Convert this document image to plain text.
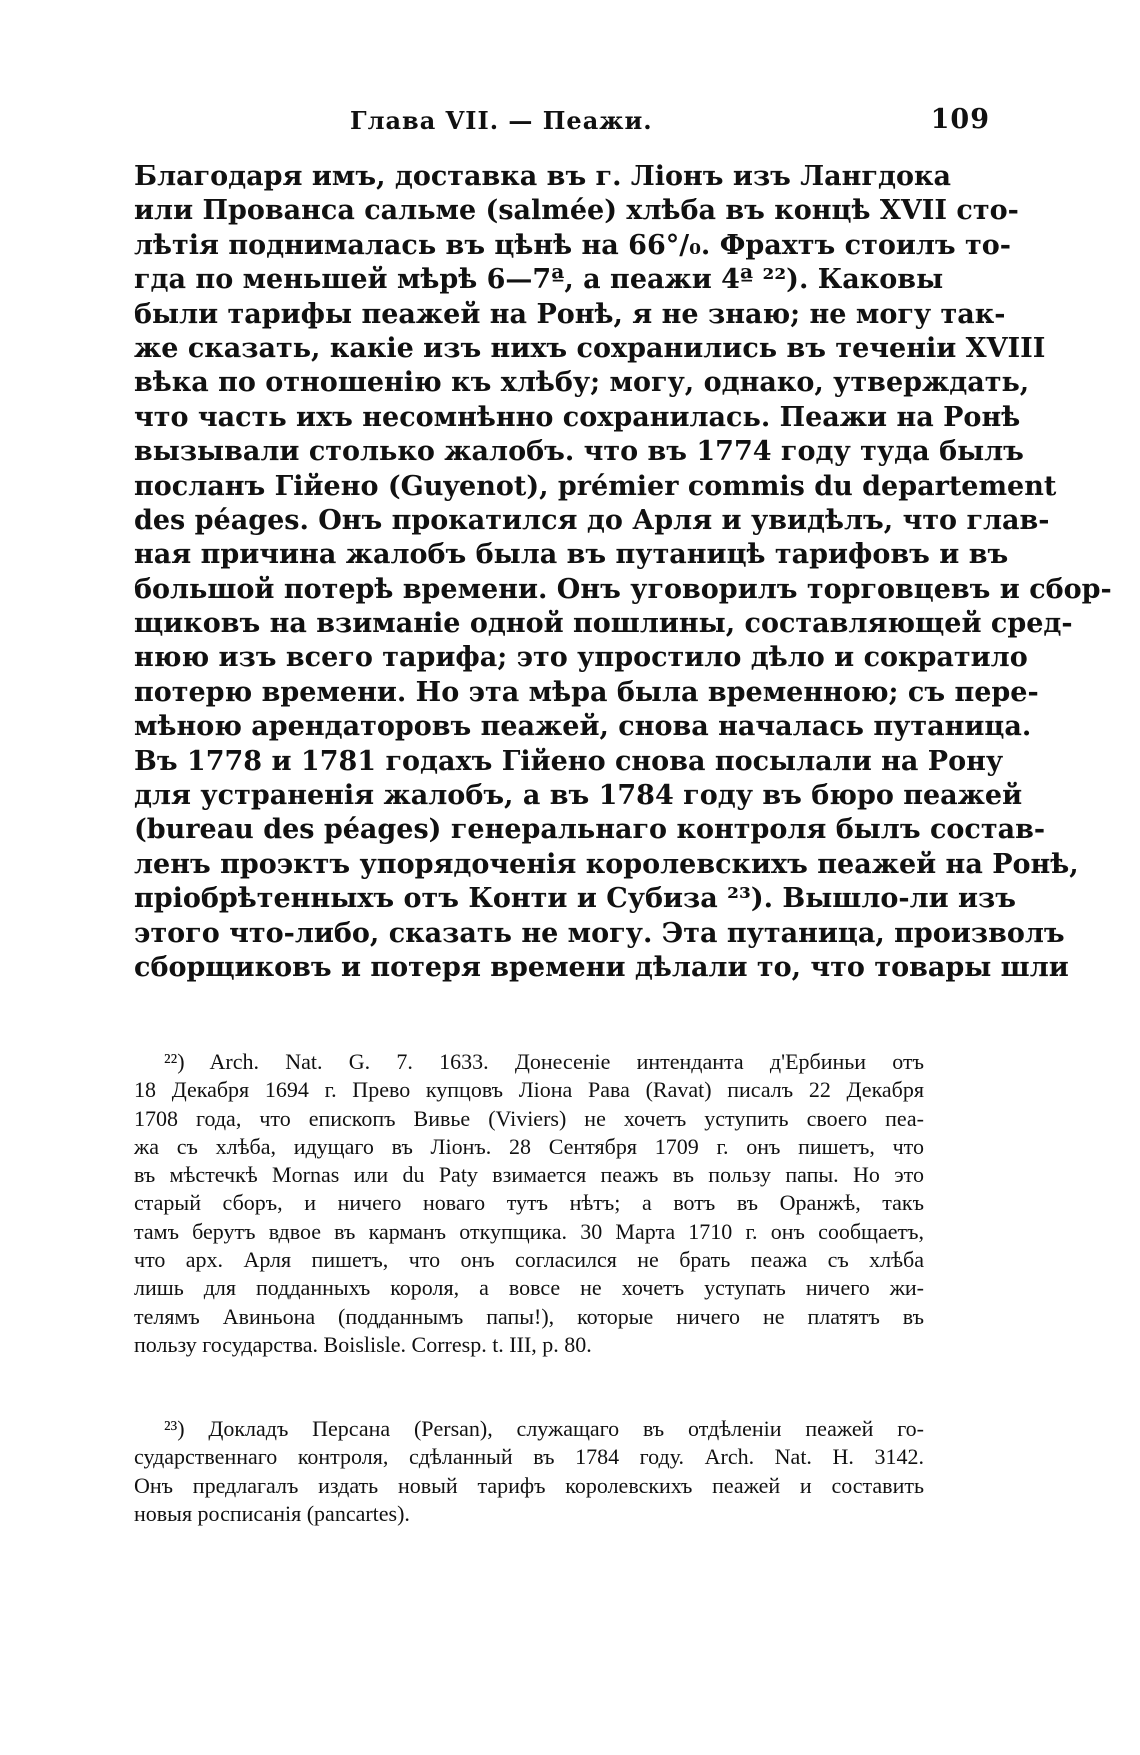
Глава VII. — Пеажи.	109
Благодаря имъ, доставка въ г. Ліонъ изъ Лангдока
или Прованса сальме (salmée) хлѣба въ концѣ XVII сто-
лѣтія поднималась въ цѣнѣ на 66°/₀. Фрахтъ стоилъ то-
гда по меньшей мѣрѣ 6—7ª, а пеажи 4ª ²²). Каковы
были тарифы пеажей на Ронѣ, я не знаю; не могу так-
же сказать, какіе изъ нихъ сохранились въ теченіи XVIII
вѣка по отношенію къ хлѣбу; могу, однако, утверждать,
что часть ихъ несомнѣнно сохранилась. Пеажи на Ронѣ
вызывали столько жалобъ. что въ 1774 году туда былъ
посланъ Гійено (Guyenot), prémier commis du departement
des péages. Онъ прокатился до Арля и увидѣлъ, что глав-
ная причина жалобъ была въ путаницѣ тарифовъ и въ
большой потерѣ времени. Онъ уговорилъ торговцевъ и сбор-
щиковъ на взиманіе одной пошлины, составляющей сред-
нюю изъ всего тарифа; это упростило дѣло и сократило
потерю времени. Но эта мѣра была временною; съ пере-
мѣною арендаторовъ пеажей, снова началась путаница.
Въ 1778 и 1781 годахъ Гійено снова посылали на Рону
для устраненія жалобъ, а въ 1784 году въ бюро пеажей
(bureau des péages) генеральнаго контроля былъ состав-
ленъ проэктъ упорядоченія королевскихъ пеажей на Ронѣ,
пріобрѣтенныхъ отъ Конти и Субиза ²³). Вышло-ли изъ
этого что-либо, сказать не могу. Эта путаница, произволъ
сборщиковъ и потеря времени дѣлали то, что товары шли
²²) Arch. Nat. G. 7. 1633. Донесеніе интенданта д'Ербиньи отъ
18 Декабря 1694 г. Прево купцовъ Ліона Рава (Ravat) писалъ 22 Декабря
1708 года, что епископъ Вивье (Viviers) не хочетъ уступить своего пеа-
жа съ хлѣба, идущаго въ Ліонъ. 28 Сентября 1709 г. онъ пишетъ, что
въ мѣстечкѣ Mornas или du Paty взимается пеажъ въ пользу папы. Но это
старый сборъ, и ничего новаго тутъ нѣтъ; а вотъ въ Оранжѣ, такъ
тамъ берутъ вдвое въ карманъ откупщика. 30 Марта 1710 г. онъ сообщаетъ,
что арх. Арля пишетъ, что онъ согласился не брать пеажа съ хлѣба
лишь для подданныхъ короля, а вовсе не хочетъ уступать ничего жи-
телямъ Авиньона (подданнымъ папы!), которые ничего не платятъ въ
пользу государства. Boislisle. Corresp. t. III, p. 80.
²³) Докладъ Персана (Persan), служащаго въ отдѣленіи пеажей го-
сударственнаго контроля, сдѣланный въ 1784 году. Arch. Nat. H. 3142.
Онъ предлагалъ издать новый тарифъ королевскихъ пеажей и составить
новыя росписанія (pancartes).
